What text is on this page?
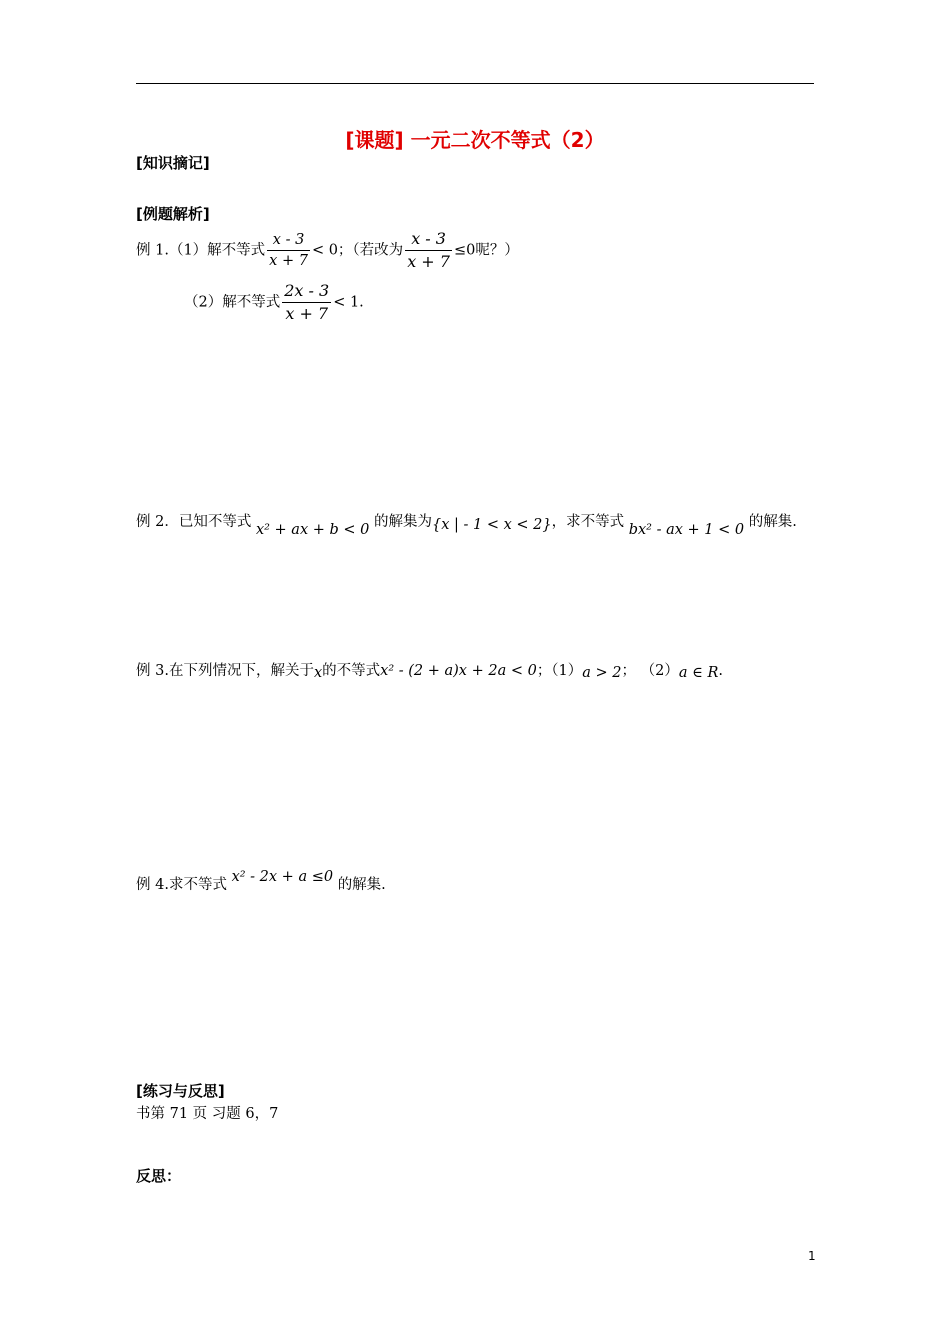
[课题] 一元二次不等式（2）
[知识摘记]
[例题解析]
例 1.（1）解不等式 $\frac{x - 3}{x + 7} < 0$；（若改为 $\frac{x - 3}{x + 7} \le 0$呢？）
（2）解不等式 $\frac{2x - 3}{x + 7} < 1$.
例 2．已知不等式 x² + ax + b < 0 的解集为{x | - 1 < x < 2}，求不等式 bx² - ax + 1 < 0 的解集.
例 3.在下列情况下，解关于x的不等式x² - (2 + a)x + 2a < 0；（1）a > 2； （2）a ∈ R.
例 4.求不等式 x² - 2x + a ≤0 的解集.
[练习与反思]
书第 71 页 习题 6，7
反思：
1
